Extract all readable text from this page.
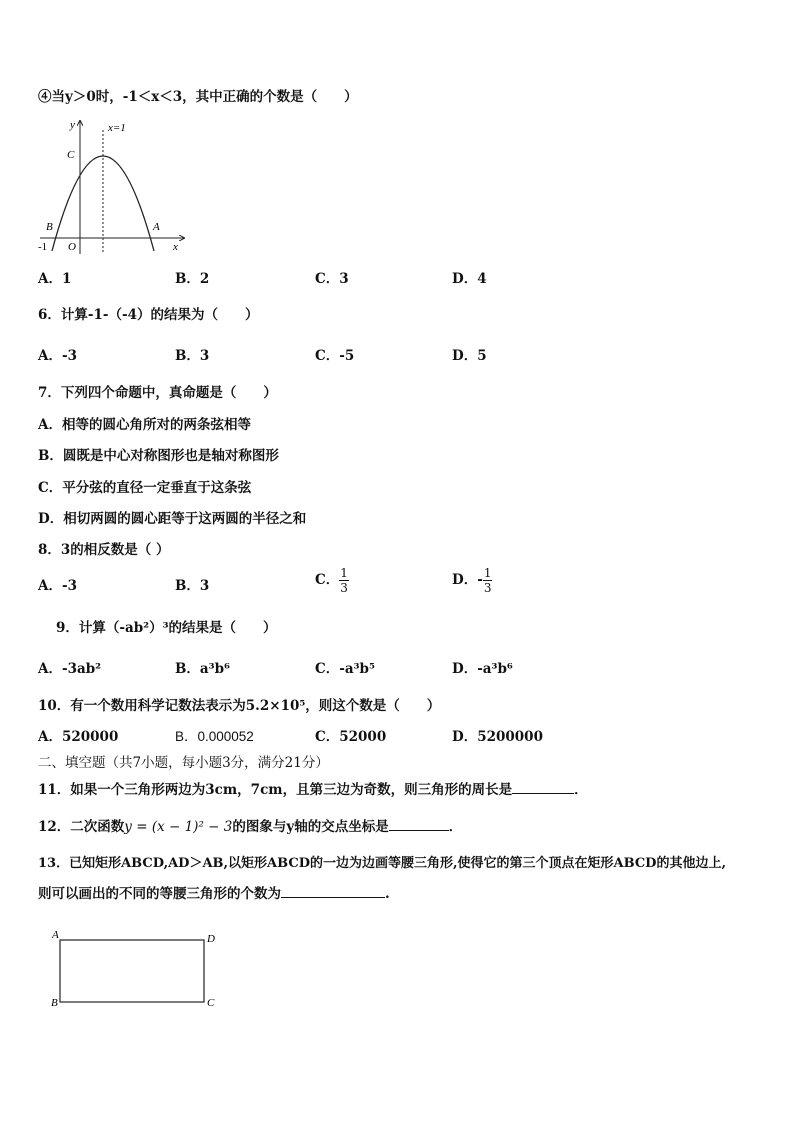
④当y＞0时，-1＜x＜3，其中正确的个数是（　　）
y	x=1
C
B	A
O
-1	x
A．1	B．2	C．3	D．4
6．计算-1-（-4）的结果为（　　）
A．-3	B．3	C．-5	D．5
7．下列四个命题中，真命题是（　　）
A．相等的圆心角所对的两条弦相等
B．圆既是中心对称图形也是轴对称图形
C．平分弦的直径一定垂直于这条弦
D．相切两圆的圆心距等于这两圆的半径之和
8．3的相反数是（ ）
A．-3	B．3	C． $\frac{1}{3}$	D．- $\frac{1}{3}$
9．计算（-ab²）³的结果是（　　）
A．-3ab²	B．a³b⁶	C．-a³b⁵	D．-a³b⁶
10．有一个数用科学记数法表示为5.2×10⁵，则这个数是（　　）
A．520000	B．0.000052	C．52000	D．5200000
二、填空题（共7小题，每小题3分，满分21分）
11．如果一个三角形两边为3cm，7cm，且第三边为奇数，则三角形的周长是	．
12．二次函数y = (x − 1)² − 3的图象与y轴的交点坐标是	．
13．已知矩形ABCD,AD＞AB,以矩形ABCD的一边为边画等腰三角形,使得它的第三个顶点在矩形ABCD的其他边上,
则可以画出的不同的等腰三角形的个数为	.
A	D
B	C
